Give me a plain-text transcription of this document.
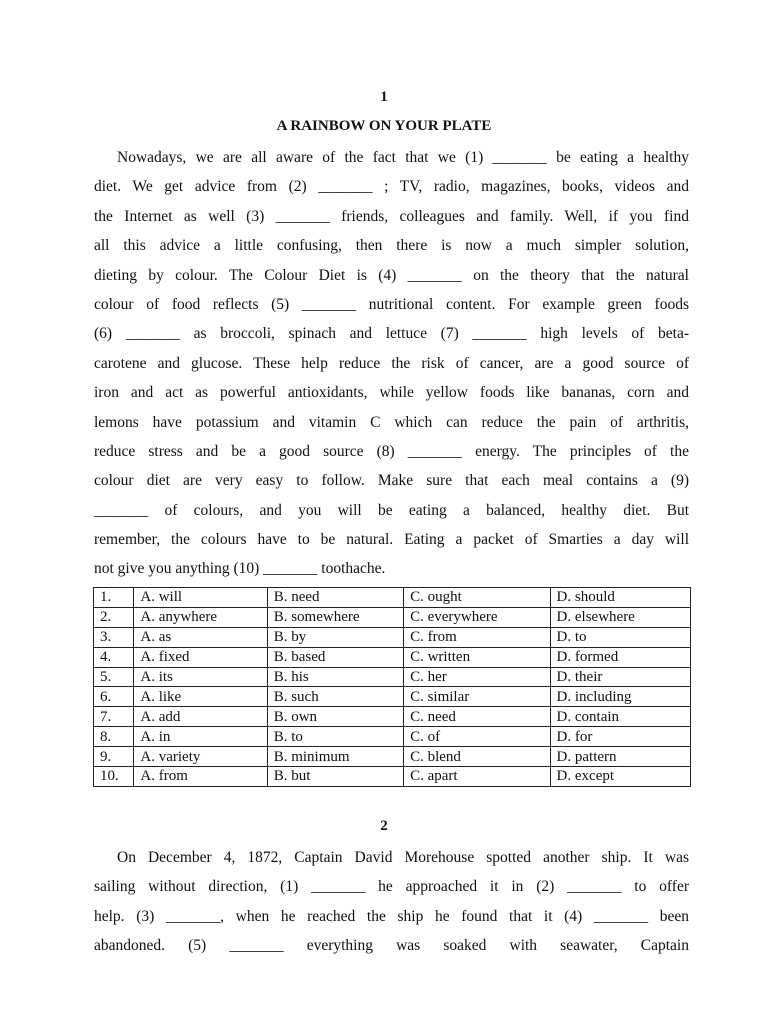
1
A RAINBOW ON YOUR PLATE
Nowadays, we are all aware of the fact that we (1) _______ be eating a healthy
diet. We get advice from (2) _______ ; TV, radio, magazines, books, videos and
the Internet as well (3) _______ friends, colleagues and family. Well, if you find
all this advice a little confusing, then there is now a much simpler solution,
dieting by colour. The Colour Diet is (4) _______ on the theory that the natural
colour of food reflects (5) _______ nutritional content. For example green foods
(6) _______ as broccoli, spinach and lettuce (7) _______ high levels of beta-
carotene and glucose. These help reduce the risk of cancer, are a good source of
iron and act as powerful antioxidants, while yellow foods like bananas, corn and
lemons have potassium and vitamin C which can reduce the pain of arthritis,
reduce stress and be a good source (8) _______ energy. The principles of the
colour diet are very easy to follow. Make sure that each meal contains a (9)
_______ of colours, and you will be eating a balanced, healthy diet. But
remember, the colours have to be natural. Eating a packet of Smarties a day will
not give you anything (10) _______ toothache.
1.	A. will	B. need	C. ought	D. should
2.	A. anywhere	B. somewhere	C. everywhere	D. elsewhere
3.	A. as	B. by	C. from	D. to
4.	A. fixed	B. based	C. written	D. formed
5.	A. its	B. his	C. her	D. their
6.	A. like	B. such	C. similar	D. including
7.	A. add	B. own	C. need	D. contain
8.	A. in	B. to	C. of	D. for
9.	A. variety	B. minimum	C. blend	D. pattern
10.	A. from	B. but	C. apart	D. except
2
On December 4, 1872, Captain David Morehouse spotted another ship. It was
sailing without direction, (1) _______ he approached it in (2) _______ to offer
help. (3) _______, when he reached the ship he found that it (4) _______ been
abandoned. (5) _______ everything was soaked with seawater, Captain
